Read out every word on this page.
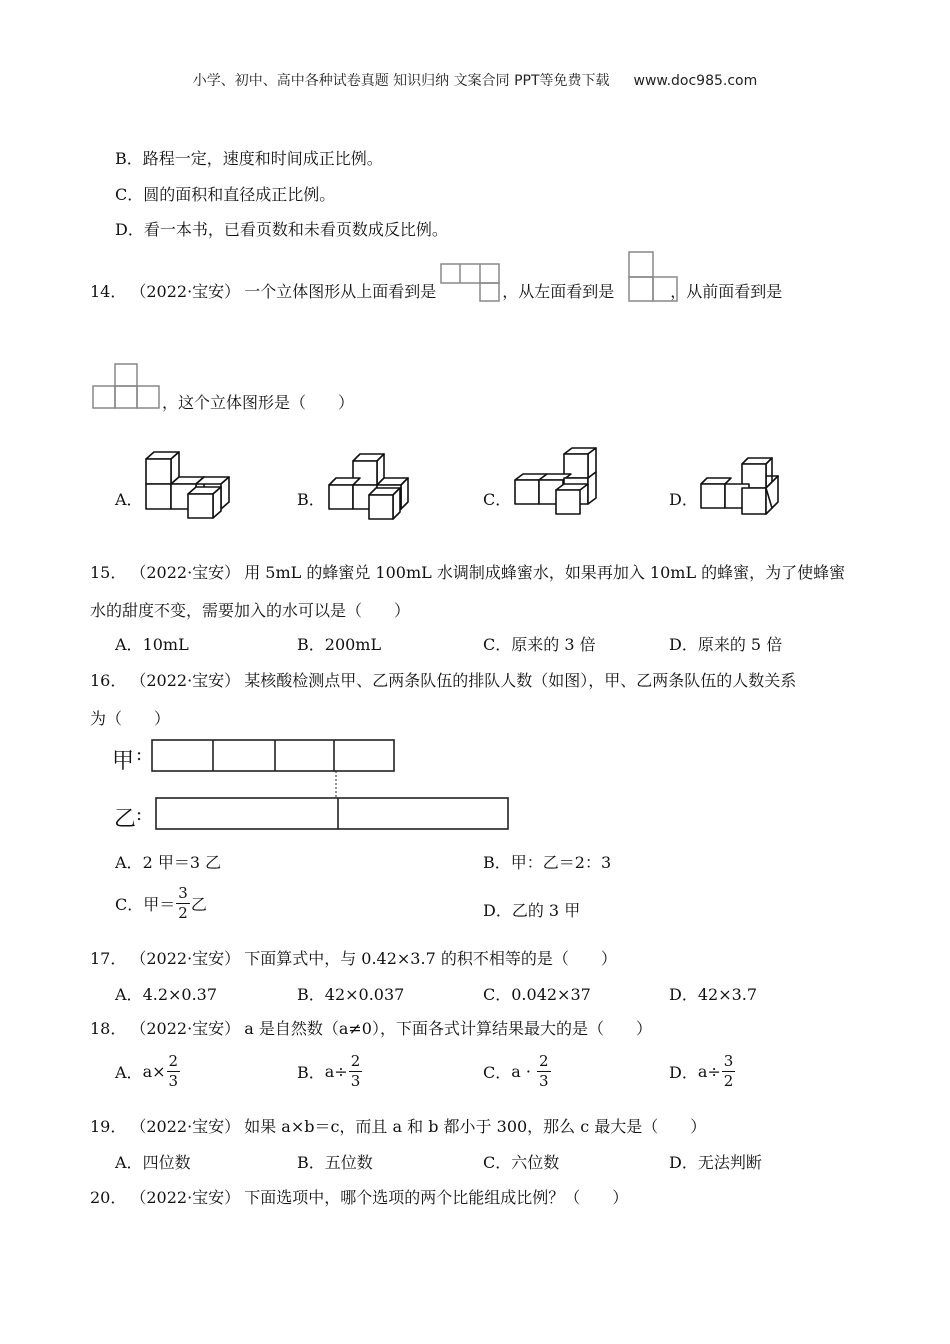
小学、初中、高中各种试卷真题 知识归纳 文案合同 PPT等免费下载 www.doc985.com
B．路程一定，速度和时间成正比例。
C．圆的面积和直径成正比例。
D．看一本书，已看页数和未看页数成反比例。
14． （2022·宝安） 一个立体图形从上面看到是	，从左面看到是	，从前面看到是
，这个立体图形是（　　）
A．	B．	C．	D．
15． （2022·宝安） 用 5mL 的蜂蜜兑 100mL 水调制成蜂蜜水，如果再加入 10mL 的蜂蜜，为了使蜂蜜
水的甜度不变，需要加入的水可以是（　　）
A．10mL	B．200mL	C．原来的 3 倍	D．原来的 5 倍
16． （2022·宝安） 某核酸检测点甲、乙两条队伍的排队人数（如图），甲、乙两条队伍的人数关系
为（　　）
甲
乙
:
:
A．2 甲＝3 乙	B．甲：乙＝2：3
C． 甲＝ $\frac{3}{2}$ 乙	D．乙的 3 甲
17． （2022·宝安） 下面算式中，与 0.42×3.7 的积不相等的是（　　）
A．4.2×0.37	B．42×0.037	C．0.042×37	D．42×3.7
18． （2022·宝安） a 是自然数（a≠0），下面各式计算结果最大的是（　　）
A． $a\times \frac{2}{3}$	B． $a\div \frac{2}{3}$	C． $a \cdot \frac{2}{3}$	D． $a\div \frac{3}{2}$
19． （2022·宝安） 如果 a×b＝c，而且 a 和 b 都小于 300，那么 c 最大是（　　）
A．四位数	B．五位数	C．六位数	D．无法判断
20． （2022·宝安） 下面选项中，哪个选项的两个比能组成比例？（　　）
